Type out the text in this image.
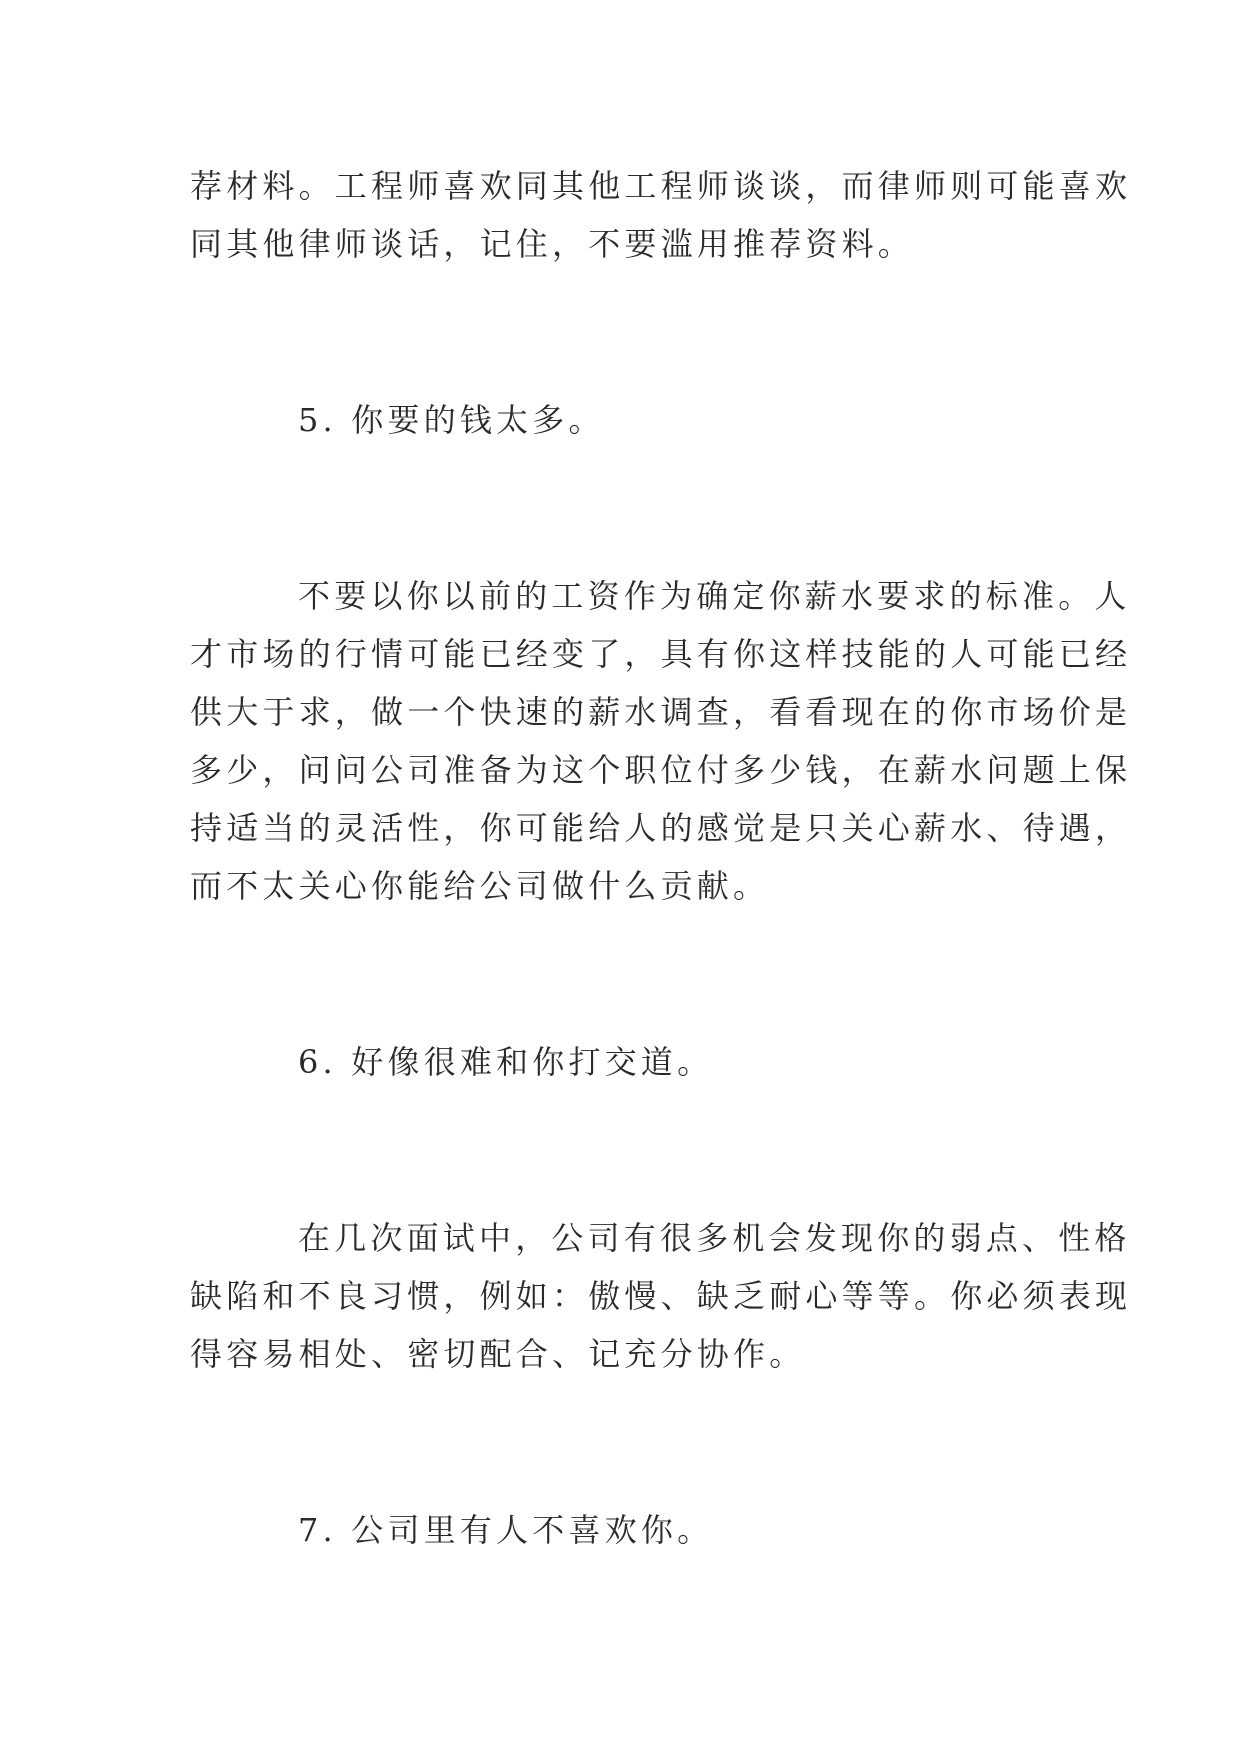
荐材料。工程师喜欢同其他工程师谈谈，而律师则可能喜欢
同其他律师谈话，记住，不要滥用推荐资料。
5. 你要的钱太多。
不要以你以前的工资作为确定你薪水要求的标准。人
才市场的行情可能已经变了，具有你这样技能的人可能已经
供大于求，做一个快速的薪水调查，看看现在的你市场价是
多少，问问公司准备为这个职位付多少钱，在薪水问题上保
持适当的灵活性，你可能给人的感觉是只关心薪水、待遇，
而不太关心你能给公司做什么贡献。
6. 好像很难和你打交道。
在几次面试中，公司有很多机会发现你的弱点、性格
缺陷和不良习惯，例如：傲慢、缺乏耐心等等。你必须表现
得容易相处、密切配合、记充分协作。
7. 公司里有人不喜欢你。
